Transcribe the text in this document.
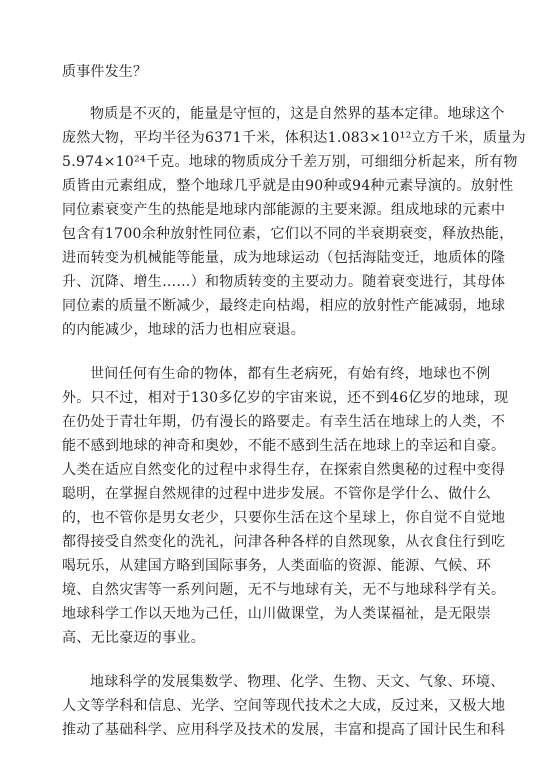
质事件发生？

物质是不灭的，能量是守恒的，这是自然界的基本定律。地球这个
庞然大物，平均半径为6371千米，体积达1.083×10¹²立方千米，质量为
5.974×10²⁴千克。地球的物质成分千差万别，可细细分析起来，所有物
质皆由元素组成，整个地球几乎就是由90种或94种元素导演的。放射性
同位素衰变产生的热能是地球内部能源的主要来源。组成地球的元素中
包含有1700余种放射性同位素，它们以不同的半衰期衰变，释放热能，
进而转变为机械能等能量，成为地球运动（包括海陆变迁，地质体的隆
升、沉降、增生……）和物质转变的主要动力。随着衰变进行，其母体
同位素的质量不断减少，最终走向枯竭，相应的放射性产能减弱，地球
的内能减少，地球的活力也相应衰退。
世间任何有生命的物体，都有生老病死，有始有终，地球也不例
外。只不过，相对于130多亿岁的宇宙来说，还不到46亿岁的地球，现
在仍处于青壮年期，仍有漫长的路要走。有幸生活在地球上的人类，不
能不感到地球的神奇和奥妙，不能不感到生活在地球上的幸运和自豪。
人类在适应自然变化的过程中求得生存，在探索自然奥秘的过程中变得
聪明，在掌握自然规律的过程中进步发展。不管你是学什么、做什么
的，也不管你是男女老少，只要你生活在这个星球上，你自觉不自觉地
都得接受自然变化的洗礼，问津各种各样的自然现象，从衣食住行到吃
喝玩乐，从建国方略到国际事务，人类面临的资源、能源、气候、环
境、自然灾害等一系列问题，无不与地球有关，无不与地球科学有关。
地球科学工作以天地为己任，山川做课堂，为人类谋福祉，是无限崇
高、无比豪迈的事业。
地球科学的发展集数学、物理、化学、生物、天文、气象、环境、
人文等学科和信息、光学、空间等现代技术之大成，反过来，又极大地
推动了基础科学、应用科学及技术的发展，丰富和提高了国计民生和科
